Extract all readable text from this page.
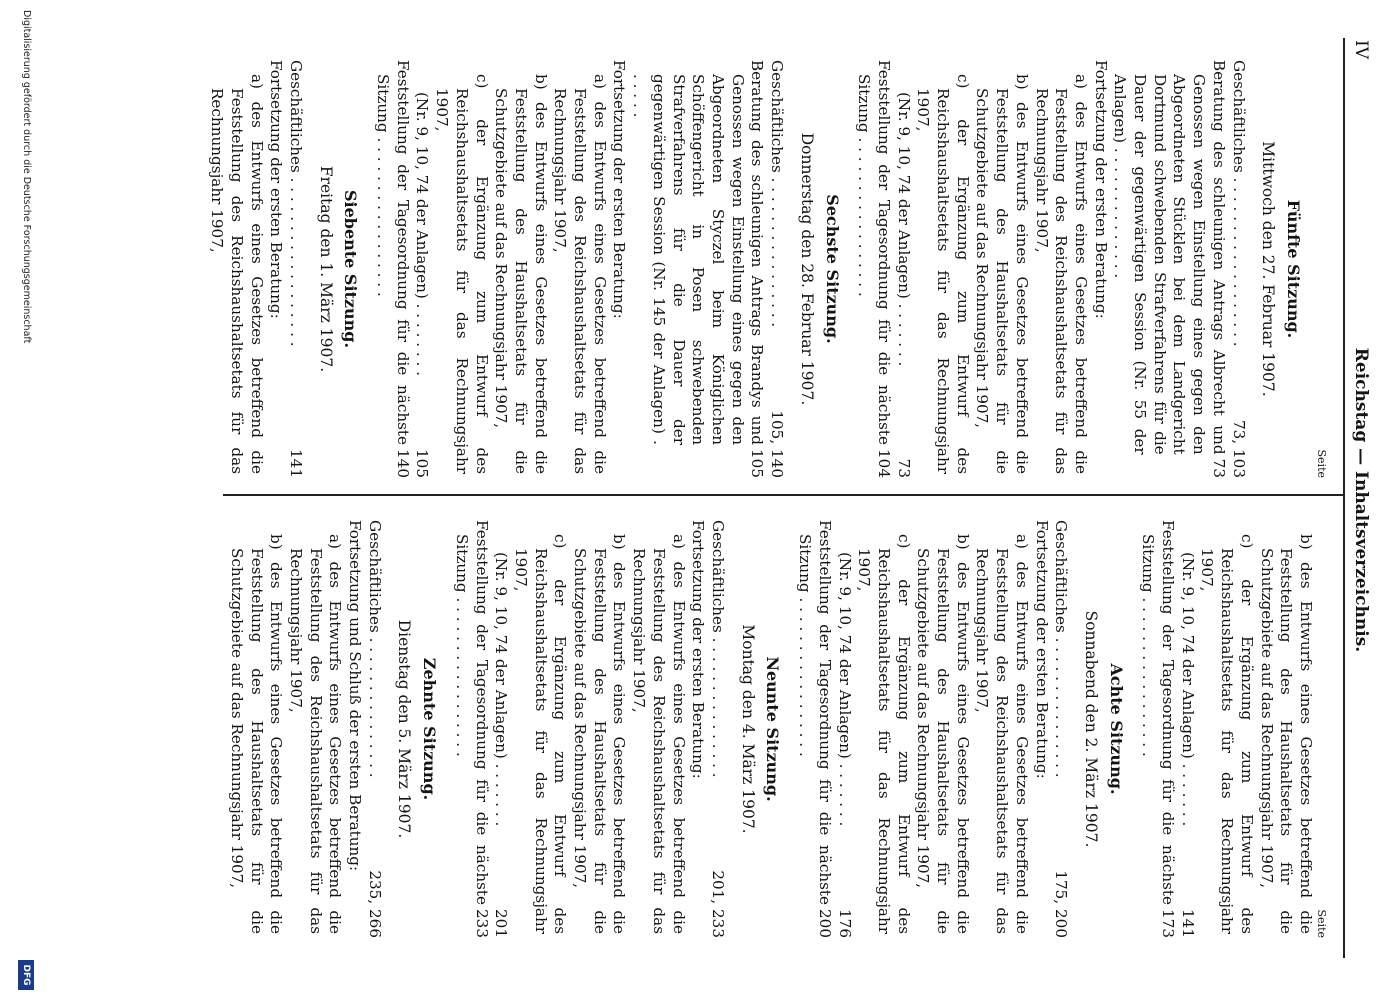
IV
Reichstag — Inhaltsverzeichnis.
Seite
Fünfte Sitzung.
Mittwoch den 27. Februar 1907.
Geschäftliches . . . . . . . . . . . . . . . . . .
73, 103
Beratung des schleunigen Antrags Albrecht und Genossen wegen Einstellung eines gegen den Abgeordneten Stücklen bei dem Landgericht Dortmund schwebenden Strafverfahrens für die Dauer der gegenwärtigen Session (Nr. 55 der Anlagen) . . . . . . . . . . . . . .
73
Fortsetzung der ersten Beratung:
a) des Entwurfs eines Gesetzes betreffend die Feststellung des Reichshaushaltsetats für das Rechnungsjahr 1907,
b) des Entwurfs eines Gesetzes betreffend die Feststellung des Haushaltsetats für die Schutzgebiete auf das Rechnungsjahr 1907,
c) der Ergänzung zum Entwurf des Reichshaushaltsetats für das Rechnungsjahr 1907,
(Nr. 9, 10, 74 der Anlagen) . . . . . . .
73
Feststellung der Tagesordnung für die nächste Sitzung . . . . . . . . . . . . . . . . .
104
Sechste Sitzung.
Donnerstag den 28. Februar 1907.
Geschäftliches . . . . . . . . . . . . . . . .
105, 140
Beratung des schleunigen Antrags Brandys und Genossen wegen Einstellung eines gegen den Abgeordneten Styczel beim Königlichen Schöffengericht in Posen schwebenden Strafverfahrens für die Dauer der gegenwärtigen Session (Nr. 145 der Anlagen) . . . . . .
105
Fortsetzung der ersten Beratung:
a) des Entwurfs eines Gesetzes betreffend die Feststellung des Reichshaushaltsetats für das Rechnungsjahr 1907,
b) des Entwurfs eines Gesetzes betreffend die Feststellung des Haushaltsetats für die Schutzgebiete auf das Rechnungsjahr 1907,
c) der Ergänzung zum Entwurf des Reichshaushaltsetats für das Rechnungsjahr 1907,
(Nr. 9, 10, 74 der Anlagen) . . . . . . . .
105
Feststellung der Tagesordnung für die nächste Sitzung . . . . . . . . . . . . . . . . .
140
Siebente Sitzung.
Freitag den 1. März 1907.
Geschäftliches . . . . . . . . . . . . . . . . . .
141
Fortsetzung der ersten Beratung:
a) des Entwurfs eines Gesetzes betreffend die Feststellung des Reichshaushaltsetats für das Rechnungsjahr 1907,
Seite
b) des Entwurfs eines Gesetzes betreffend die Feststellung des Haushaltsetats für die Schutzgebiete auf das Rechnungsjahr 1907,
c) der Ergänzung zum Entwurf des Reichshaushaltsetats für das Rechnungsjahr 1907,
(Nr. 9, 10, 74 der Anlagen) . . . . . . .
141
Feststellung der Tagesordnung für die nächste Sitzung . . . . . . . . . . . . . . . . .
173
Achte Sitzung.
Sonnabend den 2. März 1907.
Geschäftliches . . . . . . . . . . . . . . .
175, 200
Fortsetzung der ersten Beratung:
a) des Entwurfs eines Gesetzes betreffend die Feststellung des Reichshaushaltsetats für das Rechnungsjahr 1907,
b) des Entwurfs eines Gesetzes betreffend die Feststellung des Haushaltsetats für die Schutzgebiete auf das Rechnungsjahr 1907,
c) der Ergänzung zum Entwurf des Reichshaushaltsetats für das Rechnungsjahr 1907,
(Nr. 9, 10, 74 der Anlagen) . . . . . . .
176
Feststellung der Tagesordnung für die nächste Sitzung . . . . . . . . . . . . . . . . .
200
Neunte Sitzung.
Montag den 4. März 1907.
Geschäftliches . . . . . . . . . . . . . . .
201, 233
Fortsetzung der ersten Beratung:
a) des Entwurfs eines Gesetzes betreffend die Feststellung des Reichshaushaltsetats für das Rechnungsjahr 1907,
b) des Entwurfs eines Gesetzes betreffend die Feststellung des Haushaltsetats für die Schutzgebiete auf das Rechnungsjahr 1907,
c) der Ergänzung zum Entwurf des Reichshaushaltsetats für das Rechnungsjahr 1907,
(Nr. 9, 10, 74 der Anlagen) . . . . . . .
201
Feststellung der Tagesordnung für die nächste Sitzung . . . . . . . . . . . . . . . . .
233
Zehnte Sitzung.
Dienstag den 5. März 1907.
Geschäftliches . . . . . . . . . . . . . . .
235, 266
Fortsetzung und Schluß der ersten Beratung:
a) des Entwurfs eines Gesetzes betreffend die Feststellung des Reichshaushaltsetats für das Rechnungsjahr 1907,
b) des Entwurfs eines Gesetzes betreffend die Feststellung des Haushaltsetats für die Schutzgebiete auf das Rechnungsjahr 1907,
Digitalisierung gefördert durch die Deutsche Forschungsgemeinschaft
DFG
